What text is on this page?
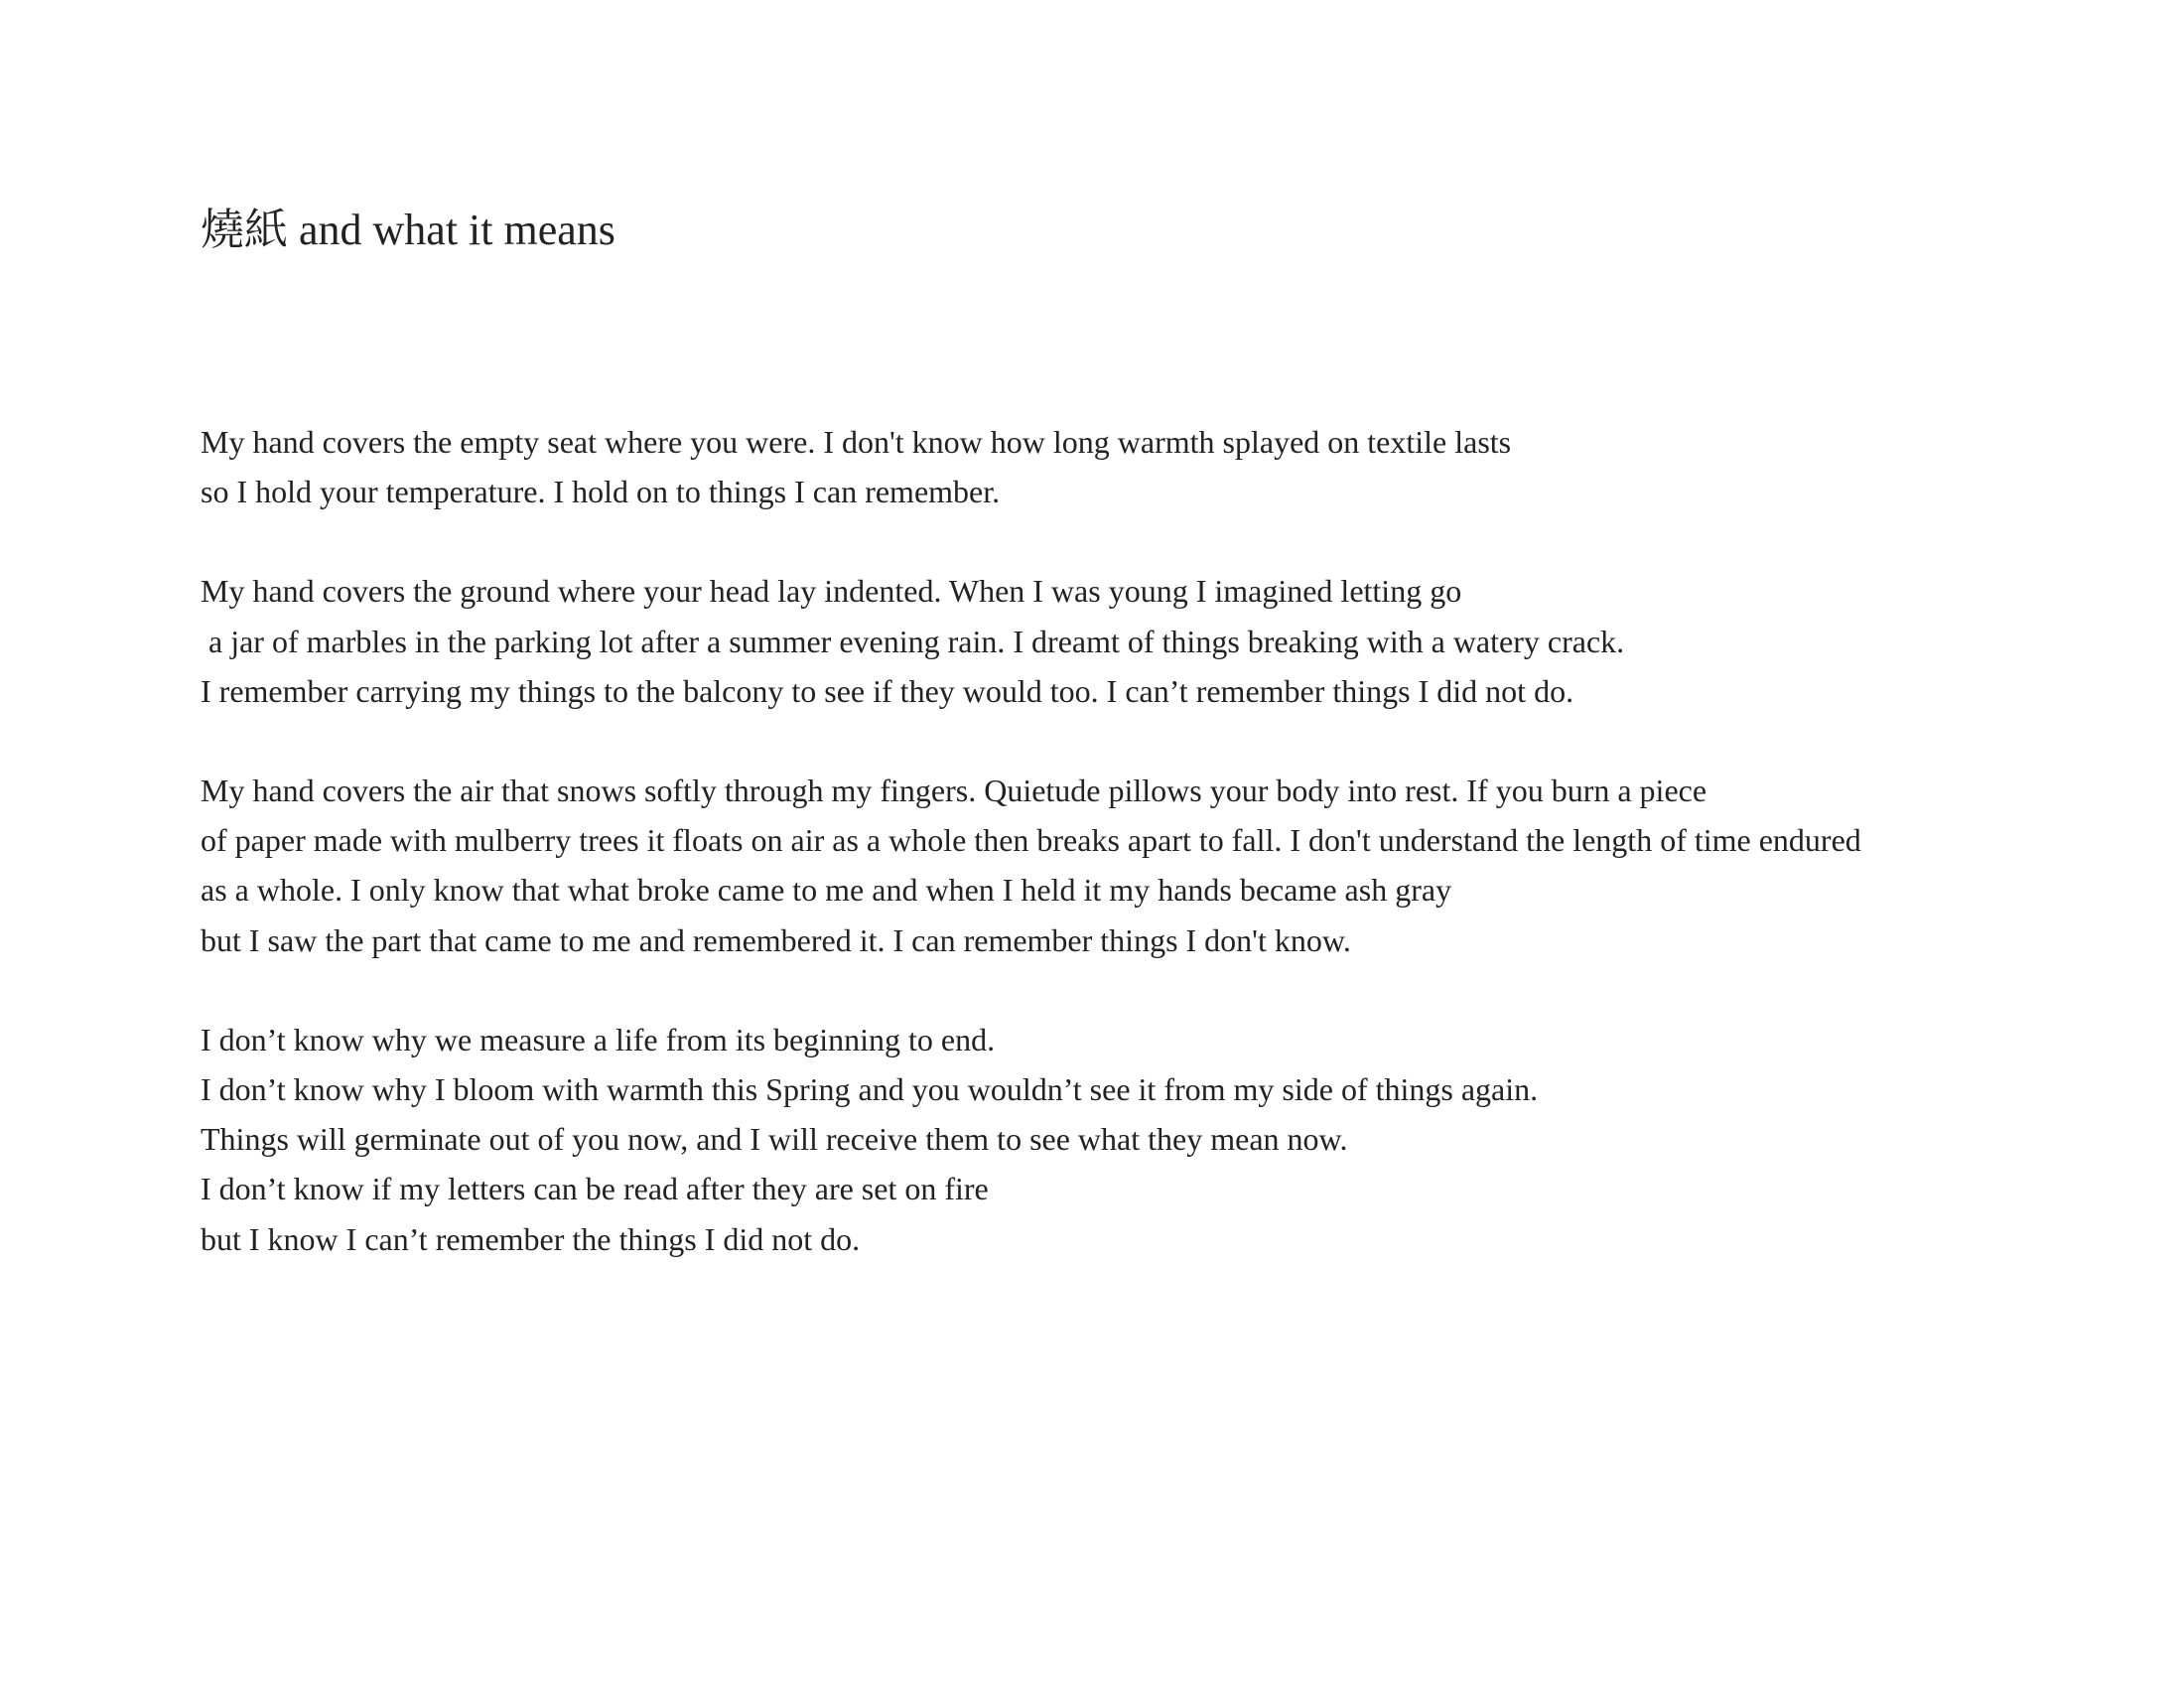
燒紙 and what it means
My hand covers the empty seat where you were. I don't know how long warmth splayed on textile lasts
so I hold your temperature. I hold on to things I can remember.
My hand covers the ground where your head lay indented. When I was young I imagined letting go
a jar of marbles in the parking lot after a summer evening rain. I dreamt of things breaking with a watery crack.
I remember carrying my things to the balcony to see if they would too. I can’t remember things I did not do.
My hand covers the air that snows softly through my fingers. Quietude pillows your body into rest. If you burn a piece
of paper made with mulberry trees it floats on air as a whole then breaks apart to fall. I don't understand the length of time endured
as a whole. I only know that what broke came to me and when I held it my hands became ash gray
but I saw the part that came to me and remembered it. I can remember things I don't know.
I don’t know why we measure a life from its beginning to end.
I don’t know why I bloom with warmth this Spring and you wouldn’t see it from my side of things again.
Things will germinate out of you now, and I will receive them to see what they mean now.
I don’t know if my letters can be read after they are set on fire
but I know I can’t remember the things I did not do.
